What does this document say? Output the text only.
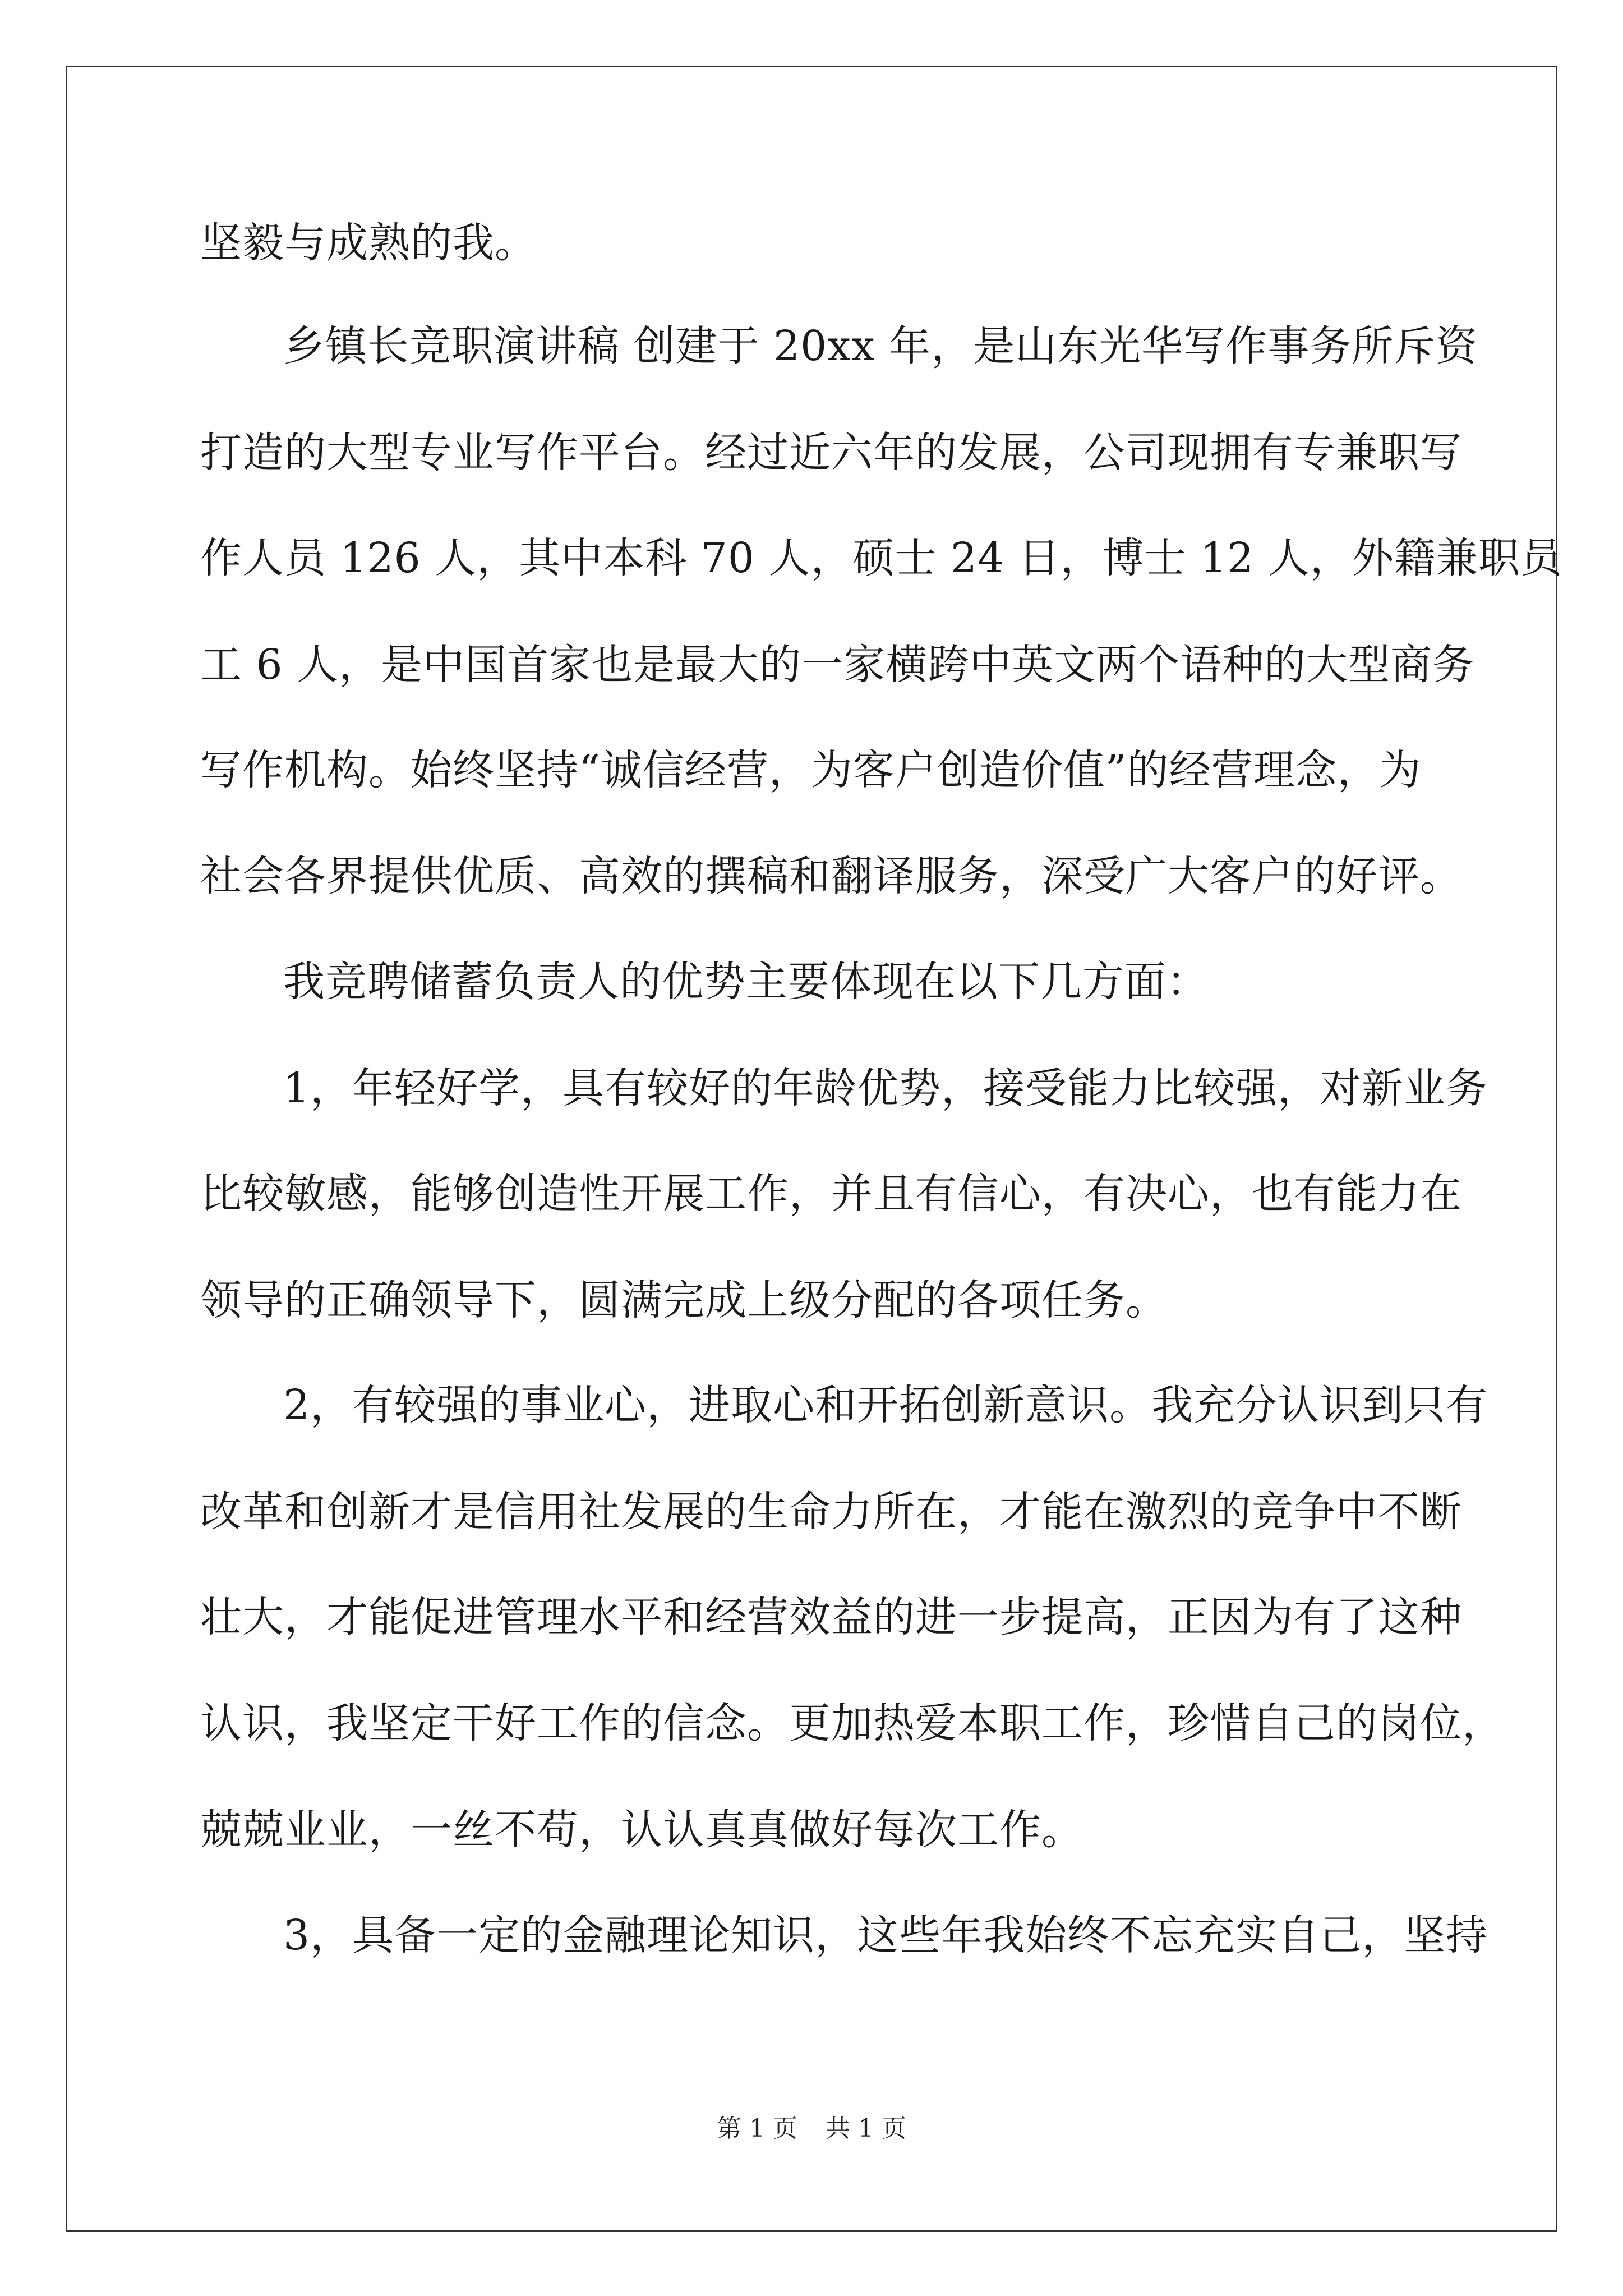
坚毅与成熟的我。
乡镇长竞职演讲稿 创建于 20xx 年，是山东光华写作事务所斥资
打造的大型专业写作平台。经过近六年的发展，公司现拥有专兼职写
作人员 126 人，其中本科 70 人，硕士 24 日，博士 12 人，外籍兼职员
工 6 人，是中国首家也是最大的一家横跨中英文两个语种的大型商务
写作机构。始终坚持“诚信经营，为客户创造价值”的经营理念，为
社会各界提供优质、高效的撰稿和翻译服务，深受广大客户的好评。
我竞聘储蓄负责人的优势主要体现在以下几方面：
1，年轻好学，具有较好的年龄优势，接受能力比较强，对新业务
比较敏感，能够创造性开展工作，并且有信心，有决心，也有能力在
领导的正确领导下，圆满完成上级分配的各项任务。
2，有较强的事业心，进取心和开拓创新意识。我充分认识到只有
改革和创新才是信用社发展的生命力所在，才能在激烈的竞争中不断
壮大，才能促进管理水平和经营效益的进一步提高，正因为有了这种
认识，我坚定干好工作的信念。更加热爱本职工作，珍惜自己的岗位，
兢兢业业，一丝不苟，认认真真做好每次工作。
3，具备一定的金融理论知识，这些年我始终不忘充实自己，坚持
第 1 页 共 1 页
